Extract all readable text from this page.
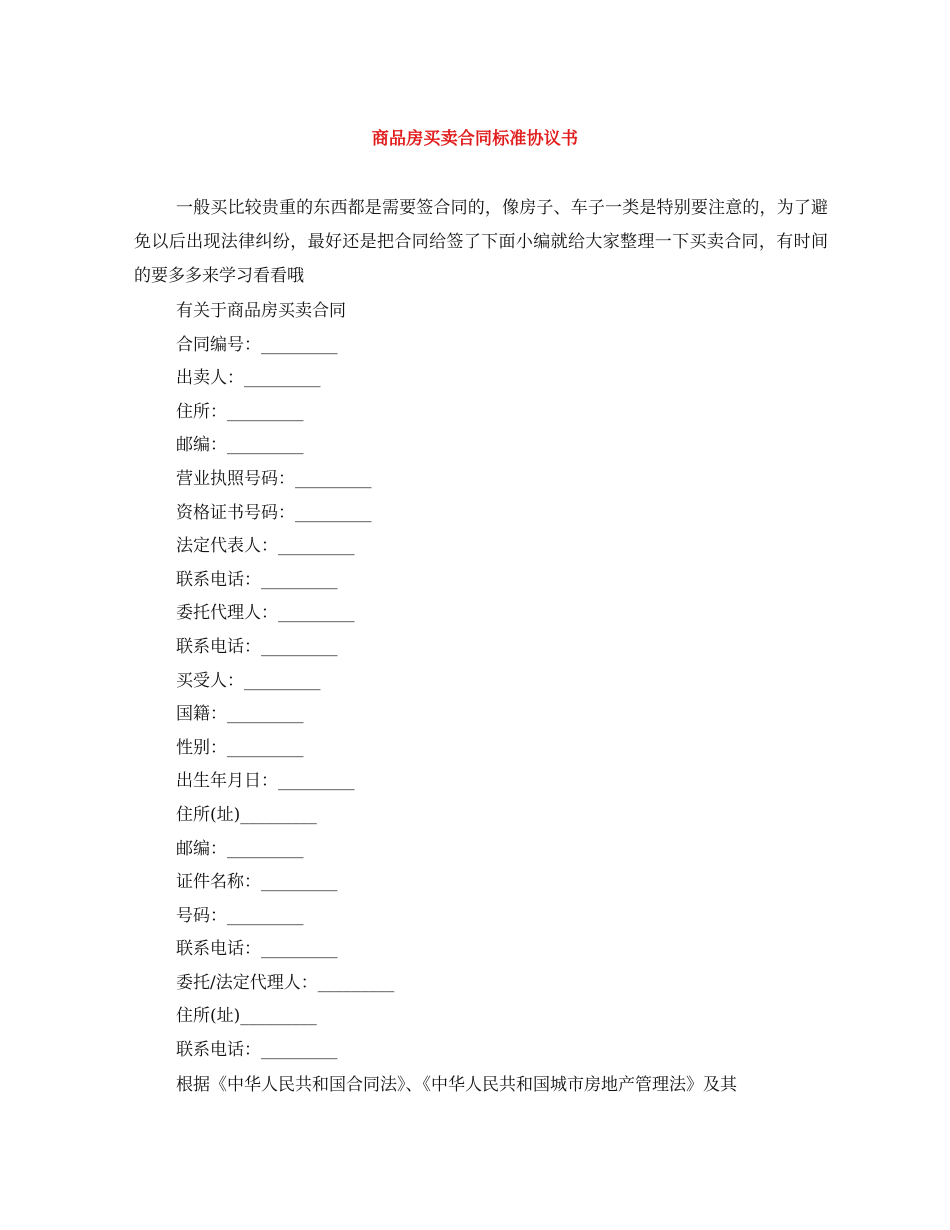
商品房买卖合同标准协议书

一般买比较贵重的东西都是需要签合同的，像房子、车子一类是特别要注意的，为了避免以后出现法律纠纷，最好还是把合同给签了下面小编就给大家整理一下买卖合同，有时间的要多多来学习看看哦

有关于商品房买卖合同
合同编号：_________
出卖人：_________
住所：_________
邮编：_________
营业执照号码：_________
资格证书号码：_________
法定代表人：_________
联系电话：_________
委托代理人：_________
联系电话：_________
买受人：_________
国籍：_________
性别：_________
出生年月日：_________
住所(址)_________
邮编：_________
证件名称：_________
号码：_________
联系电话：_________
委托/法定代理人：_________
住所(址)_________
联系电话：_________

根据《中华人民共和国合同法》、《中华人民共和国城市房地产管理法》及其
